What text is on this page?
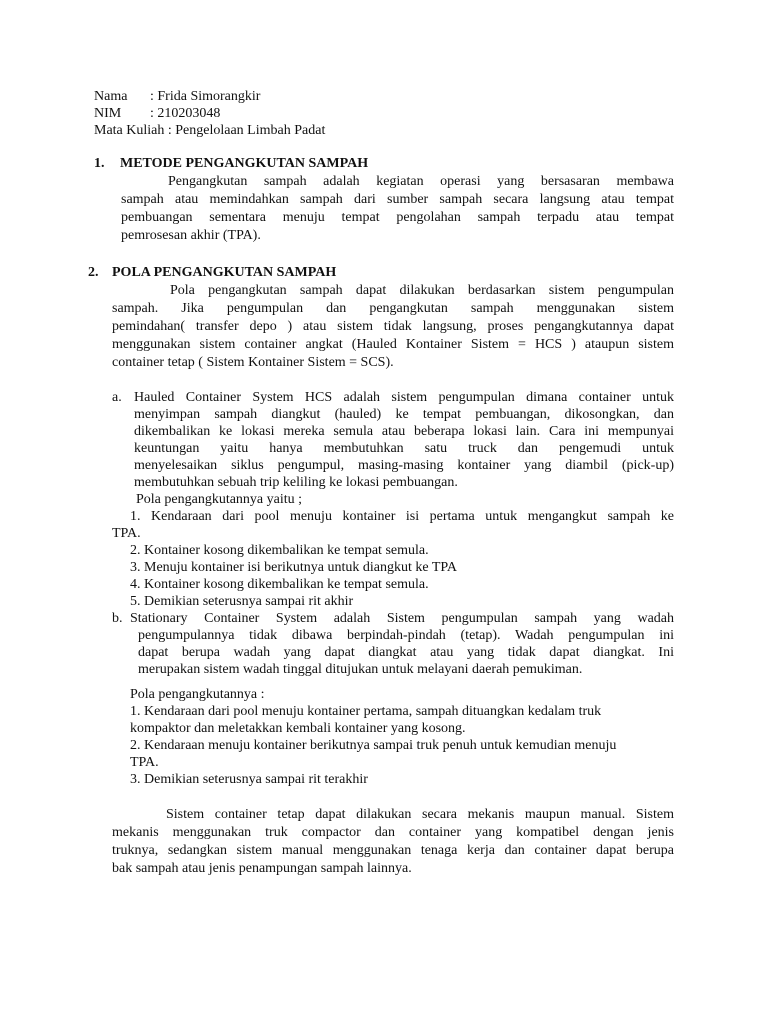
Nama : Frida Simorangkir
NIM : 210203048
Mata Kuliah : Pengelolaan Limbah Padat
1. METODE PENGANGKUTAN SAMPAH
Pengangkutan sampah adalah kegiatan operasi yang bersasaran membawa
sampah atau memindahkan sampah dari sumber sampah secara langsung atau tempat
pembuangan sementara menuju tempat pengolahan sampah terpadu atau tempat
pemrosesan akhir (TPA).
2. POLA PENGANGKUTAN SAMPAH
Pola pengangkutan sampah dapat dilakukan berdasarkan sistem pengumpulan
sampah. Jika pengumpulan dan pengangkutan sampah menggunakan sistem
pemindahan( transfer depo ) atau sistem tidak langsung, proses pengangkutannya dapat
menggunakan sistem container angkat (Hauled Kontainer Sistem = HCS ) ataupun sistem
container tetap ( Sistem Kontainer Sistem = SCS).
a. Hauled Container System HCS adalah sistem pengumpulan dimana container untuk
menyimpan sampah diangkut (hauled) ke tempat pembuangan, dikosongkan, dan
dikembalikan ke lokasi mereka semula atau beberapa lokasi lain. Cara ini mempunyai
keuntungan yaitu hanya membutuhkan satu truck dan pengemudi untuk
menyelesaikan siklus pengumpul, masing-masing kontainer yang diambil (pick-up)
membutuhkan sebuah trip keliling ke lokasi pembuangan.
Pola pengangkutannya yaitu ;
1. Kendaraan dari pool menuju kontainer isi pertama untuk mengangkut sampah ke
TPA.
2. Kontainer kosong dikembalikan ke tempat semula.
3. Menuju kontainer isi berikutnya untuk diangkut ke TPA
4. Kontainer kosong dikembalikan ke tempat semula.
5. Demikian seterusnya sampai rit akhir
b. Stationary Container System adalah Sistem pengumpulan sampah yang wadah
pengumpulannya tidak dibawa berpindah-pindah (tetap). Wadah pengumpulan ini
dapat berupa wadah yang dapat diangkat atau yang tidak dapat diangkat. Ini
merupakan sistem wadah tinggal ditujukan untuk melayani daerah pemukiman.
Pola pengangkutannya :
1. Kendaraan dari pool menuju kontainer pertama, sampah dituangkan kedalam truk
kompaktor dan meletakkan kembali kontainer yang kosong.
2. Kendaraan menuju kontainer berikutnya sampai truk penuh untuk kemudian menuju
TPA.
3. Demikian seterusnya sampai rit terakhir
Sistem container tetap dapat dilakukan secara mekanis maupun manual. Sistem
mekanis menggunakan truk compactor dan container yang kompatibel dengan jenis
truknya, sedangkan sistem manual menggunakan tenaga kerja dan container dapat berupa
bak sampah atau jenis penampungan sampah lainnya.
